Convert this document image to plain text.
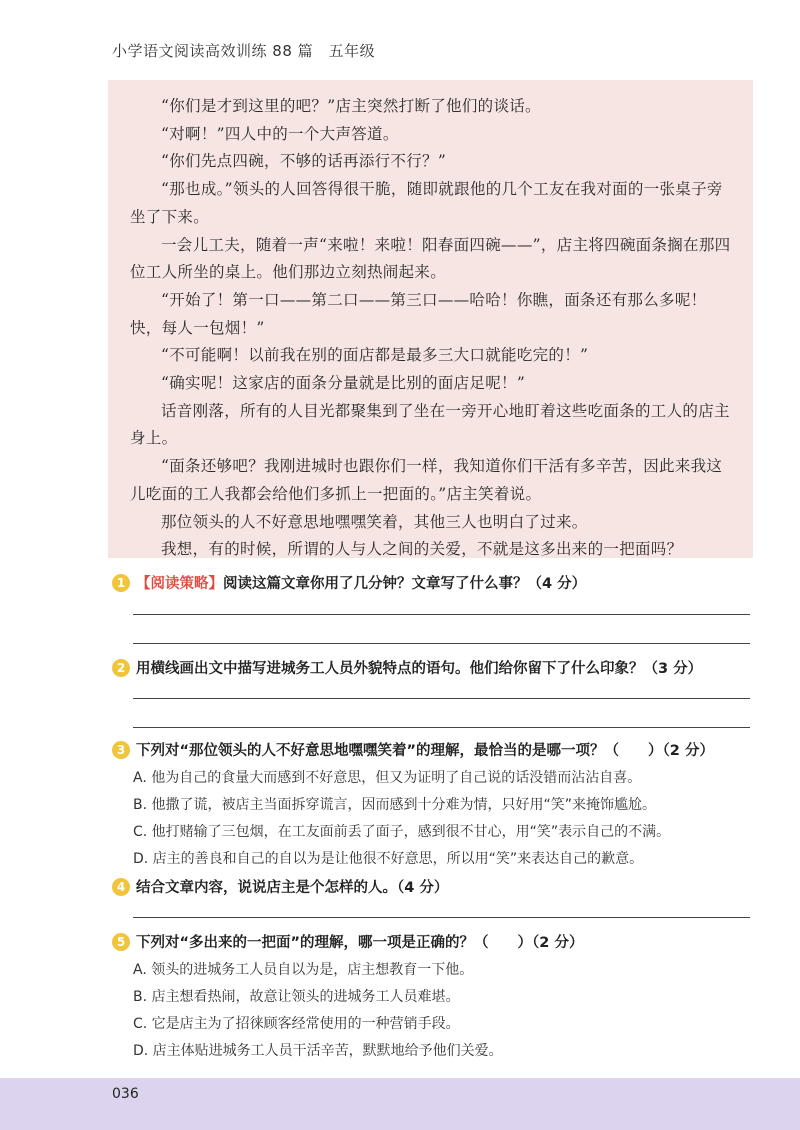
小学语文阅读高效训练 88 篇　五年级

“你们是才到这里的吧？”店主突然打断了他们的谈话。

“对啊！”四人中的一个大声答道。

“你们先点四碗，不够的话再添行不行？”

“那也成。”领头的人回答得很干脆，随即就跟他的几个工友在我对面的一张桌子旁坐了下来。

一会儿工夫，随着一声“来啦！来啦！阳春面四碗——”，店主将四碗面条搁在那四位工人所坐的桌上。他们那边立刻热闹起来。

“开始了！第一口——第二口——第三口——哈哈！你瞧，面条还有那么多呢！快，每人一包烟！”

“不可能啊！以前我在别的面店都是最多三大口就能吃完的！”

“确实呢！这家店的面条分量就是比别的面店足呢！”

话音刚落，所有的人目光都聚集到了坐在一旁开心地盯着这些吃面条的工人的店主身上。

“面条还够吧？我刚进城时也跟你们一样，我知道你们干活有多辛苦，因此来我这儿吃面的工人我都会给他们多抓上一把面的。”店主笑着说。

那位领头的人不好意思地嘿嘿笑着，其他三人也明白了过来。

我想，有的时候，所谓的人与人之间的关爱，不就是这多出来的一把面吗？

1 【阅读策略】阅读这篇文章你用了几分钟？文章写了什么事？（4 分）
2 用横线画出文中描写进城务工人员外貌特点的语句。他们给你留下了什么印象？（3 分）
3 下列对“那位领头的人不好意思地嘿嘿笑着”的理解，最恰当的是哪一项？（　　）（2 分）
A. 他为自己的食量大而感到不好意思，但又为证明了自己说的话没错而沾沾自喜。
B. 他撒了谎，被店主当面拆穿谎言，因而感到十分难为情，只好用“笑”来掩饰尴尬。
C. 他打赌输了三包烟，在工友面前丢了面子，感到很不甘心，用“笑”表示自己的不满。
D. 店主的善良和自己的自以为是让他很不好意思，所以用“笑”来表达自己的歉意。
4 结合文章内容，说说店主是个怎样的人。（4 分）
5 下列对“多出来的一把面”的理解，哪一项是正确的？（　　）（2 分）
A. 领头的进城务工人员自以为是，店主想教育一下他。
B. 店主想看热闹，故意让领头的进城务工人员难堪。
C. 它是店主为了招徕顾客经常使用的一种营销手段。
D. 店主体贴进城务工人员干活辛苦，默默地给予他们关爱。
036
